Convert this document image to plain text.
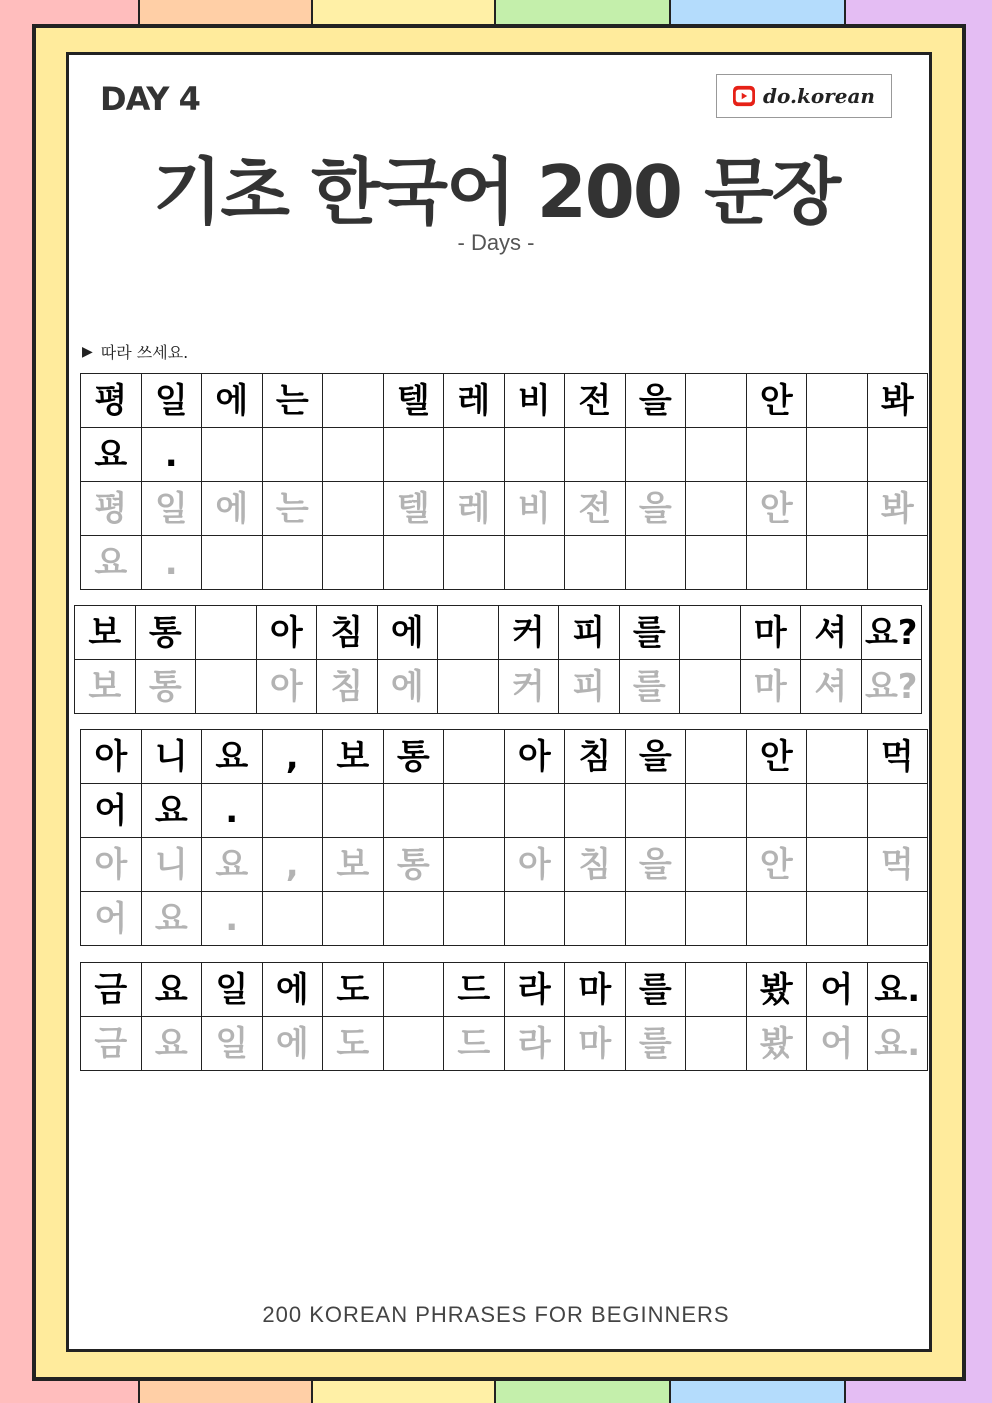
DAY 4	do.korean
기초 한국어 200 문장
- Days -
▶ 따라 쓰세요.
평	일	에	는		텔	레	비	전	을		안		봐
요	.												
평	일	에	는		텔	레	비	전	을		안		봐
요	.												
보	통		아	침	에		커	피	를		마	셔	요?
보	통		아	침	에		커	피	를		마	셔	요?
아	니	요	,	보	통		아	침	을		안		먹
어	요	.											
아	니	요	,	보	통		아	침	을		안		먹
어	요	.											
금	요	일	에	도		드	라	마	를		봤	어	요.
금	요	일	에	도		드	라	마	를		봤	어	요.
200 KOREAN PHRASES FOR BEGINNERS
